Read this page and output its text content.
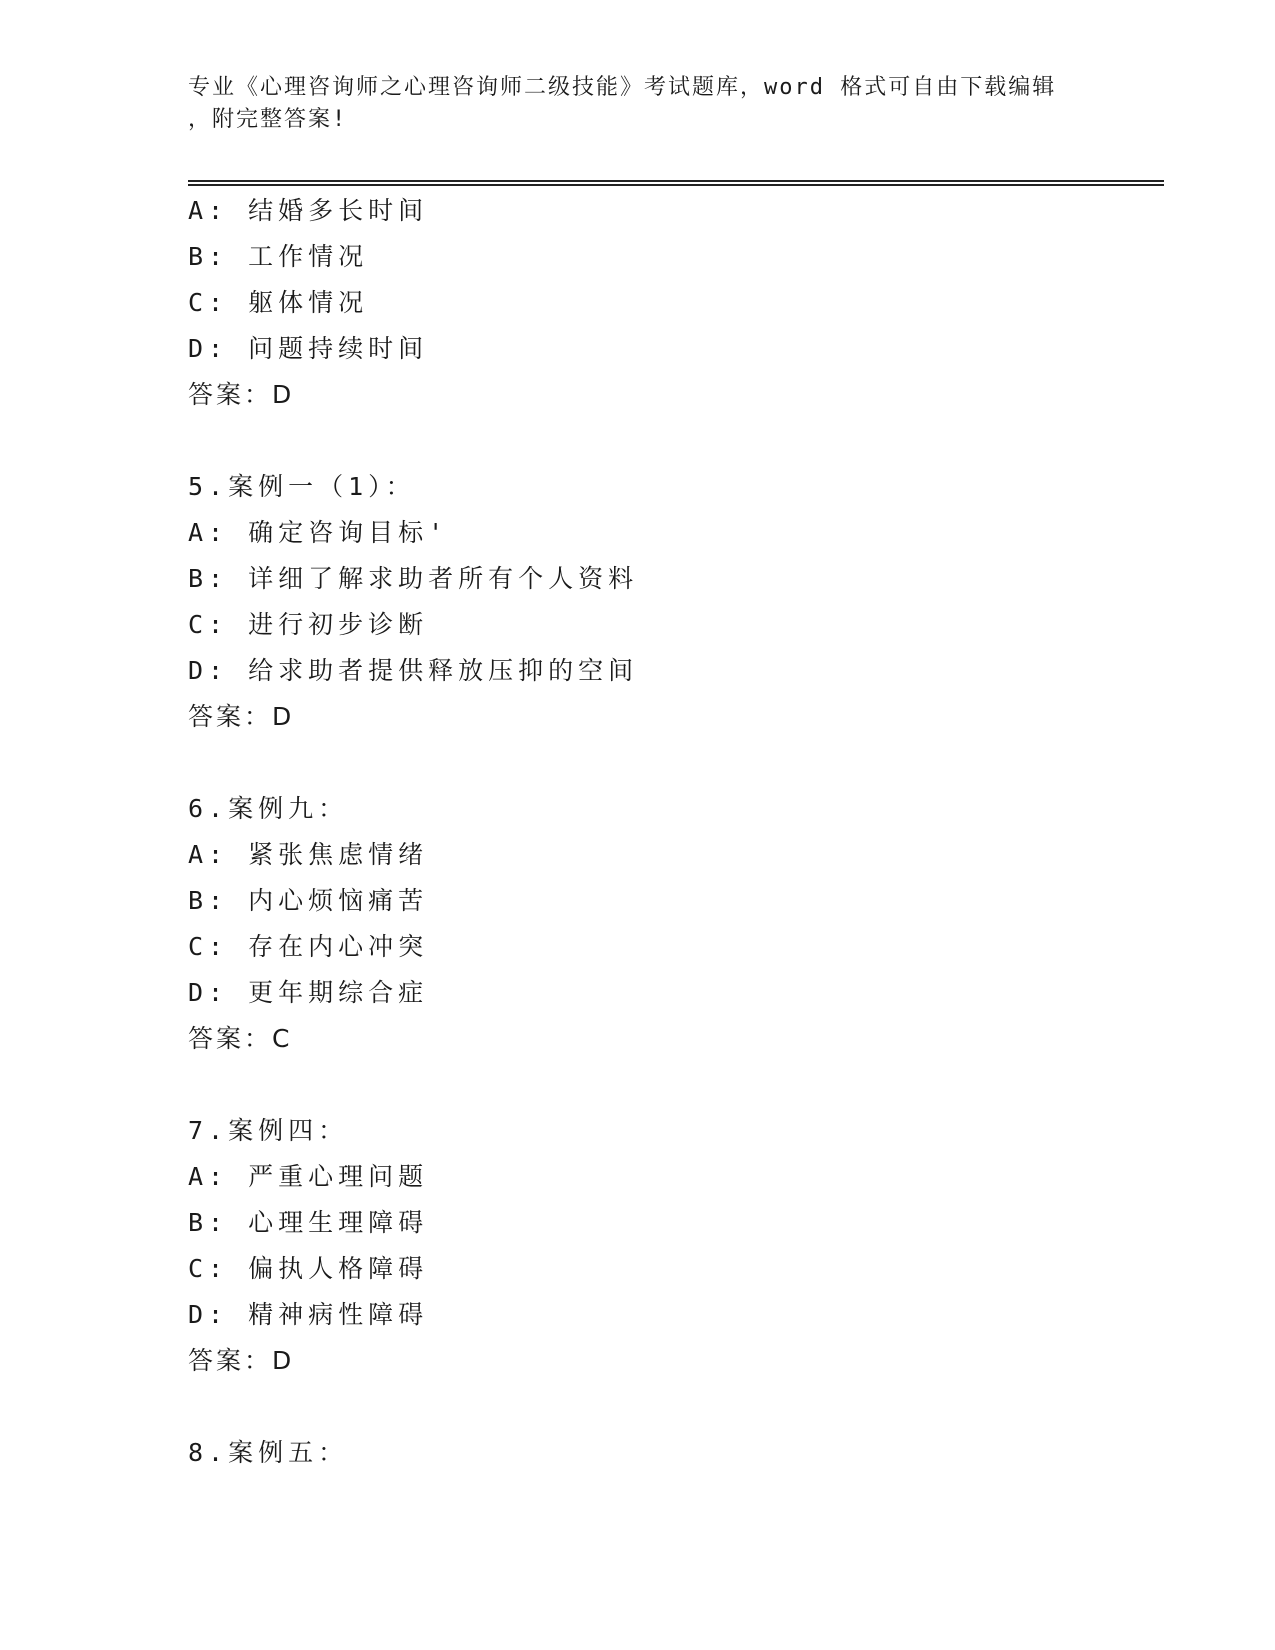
专业《心理咨询师之心理咨询师二级技能》考试题库，word 格式可自由下载编辑

，附完整答案!

A: 结婚多长时间
B: 工作情况
C: 躯体情况
D: 问题持续时间
答案：D
5.案例一（1）：
A: 确定咨询目标'
B: 详细了解求助者所有个人资料
C: 进行初步诊断
D: 给求助者提供释放压抑的空间
答案：D
6.案例九：
A: 紧张焦虑情绪
B: 内心烦恼痛苦
C: 存在内心冲突
D: 更年期综合症
答案：C
7.案例四：
A: 严重心理问题
B: 心理生理障碍
C: 偏执人格障碍
D: 精神病性障碍
答案：D
8.案例五：
